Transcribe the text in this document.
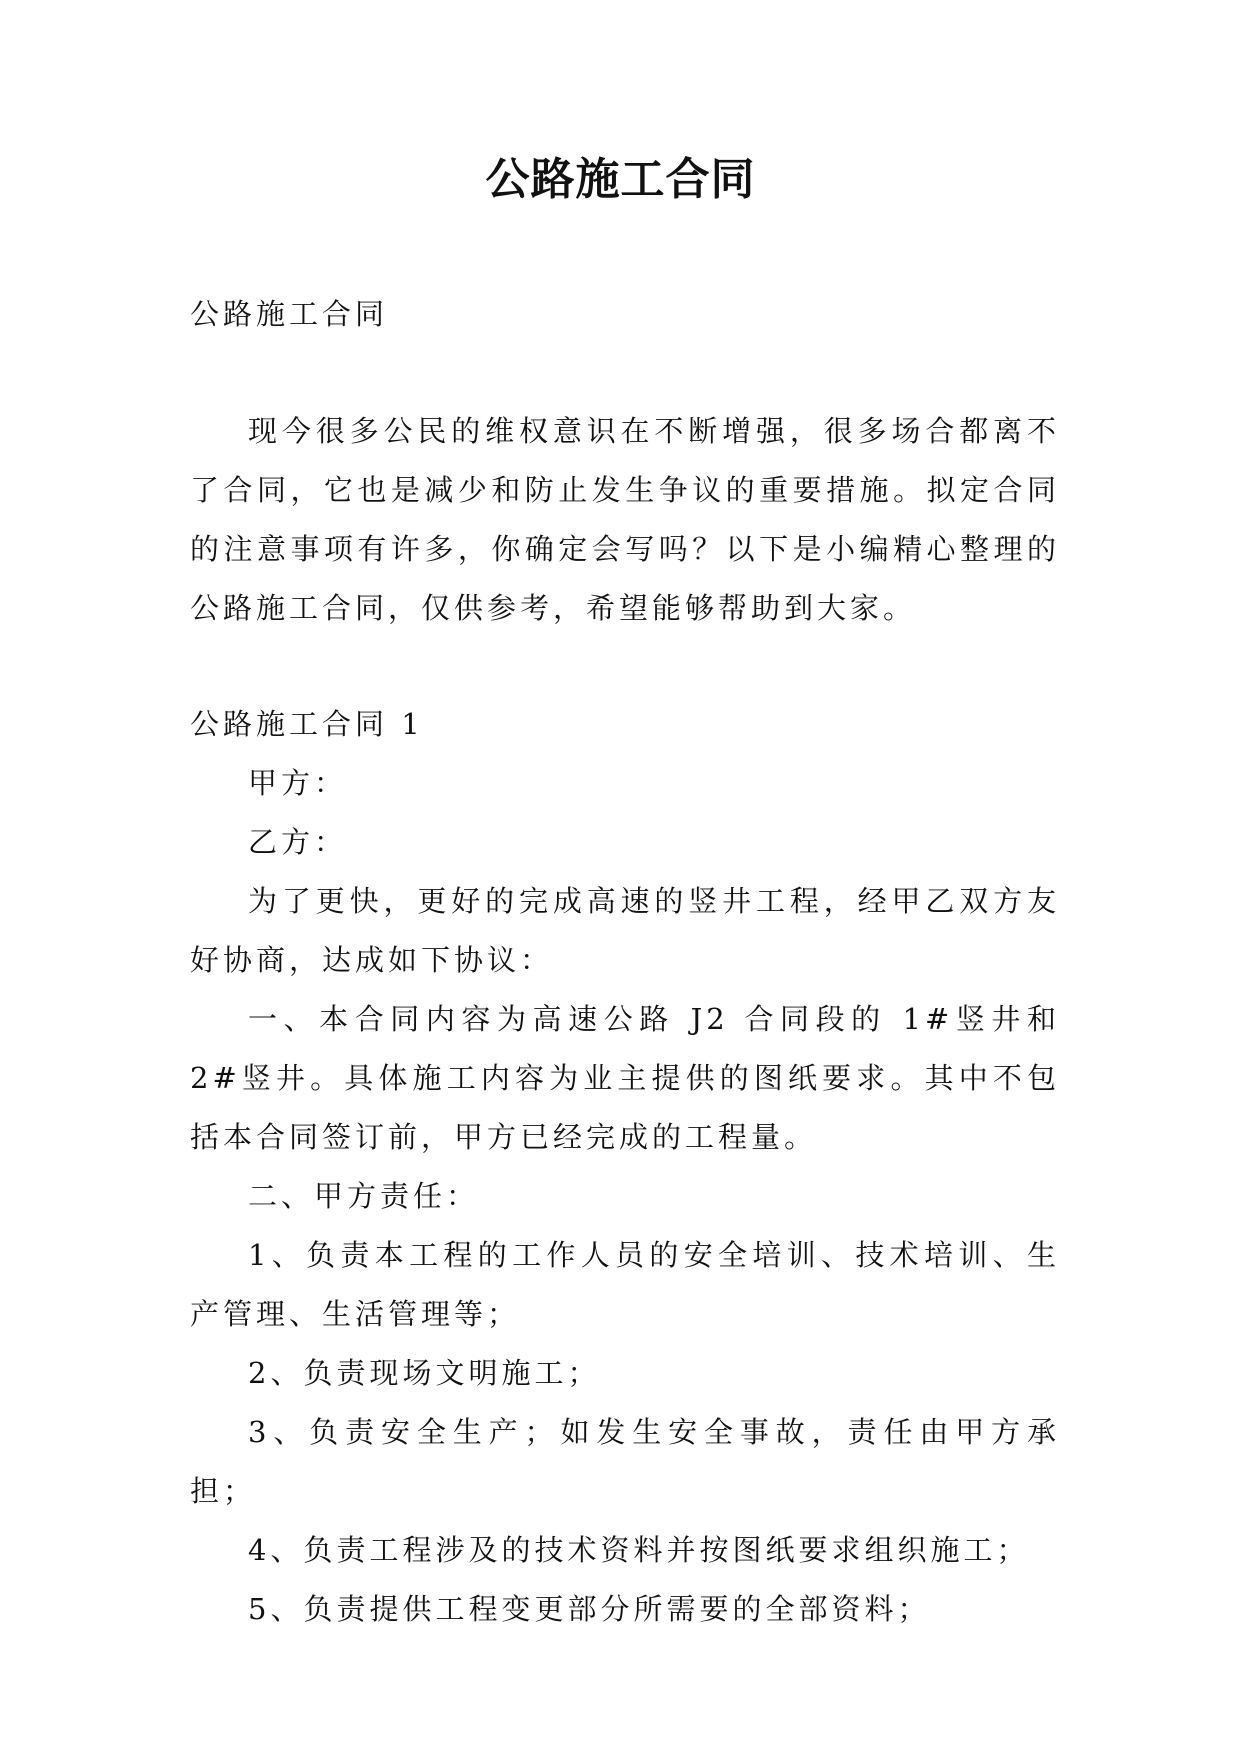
公路施工合同
公路施工合同
现今很多公民的维权意识在不断增强，很多场合都离不了合同，它也是减少和防止发生争议的重要措施。拟定合同的注意事项有许多，你确定会写吗？以下是小编精心整理的公路施工合同，仅供参考，希望能够帮助到大家。

公路施工合同 1

甲方：

乙方：

为了更快，更好的完成高速的竖井工程，经甲乙双方友好协商，达成如下协议：

一、本合同内容为高速公路 J2 合同段的 1#竖井和 2#竖井。具体施工内容为业主提供的图纸要求。其中不包括本合同签订前，甲方已经完成的工程量。

二、甲方责任：

1、负责本工程的工作人员的安全培训、技术培训、生产管理、生活管理等；

2、负责现场文明施工；

3、负责安全生产；如发生安全事故，责任由甲方承担；

4、负责工程涉及的技术资料并按图纸要求组织施工；

5、负责提供工程变更部分所需要的全部资料；
